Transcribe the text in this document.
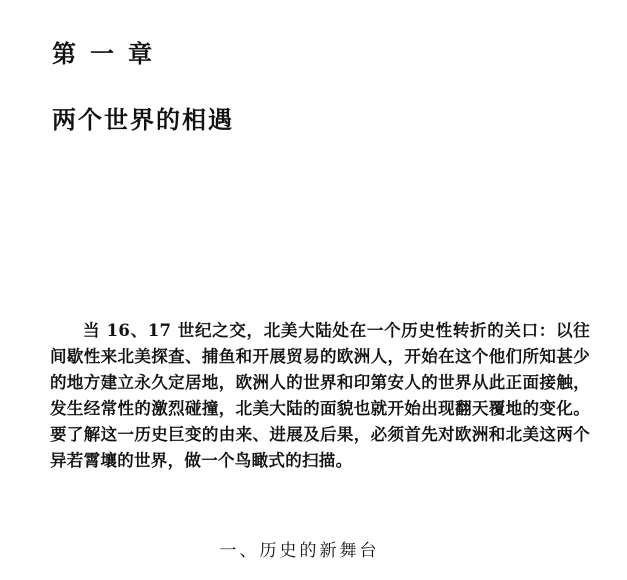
第一章
两个世界的相遇

当 16、17 世纪之交，北美大陆处在一个历史性转折的关口：以往间歇性来北美探查、捕鱼和开展贸易的欧洲人，开始在这个他们所知甚少的地方建立永久定居地，欧洲人的世界和印第安人的世界从此正面接触，发生经常性的激烈碰撞，北美大陆的面貌也就开始出现翻天覆地的变化。要了解这一历史巨变的由来、进展及后果，必须首先对欧洲和北美这两个异若霄壤的世界，做一个鸟瞰式的扫描。

一、历史的新舞台
